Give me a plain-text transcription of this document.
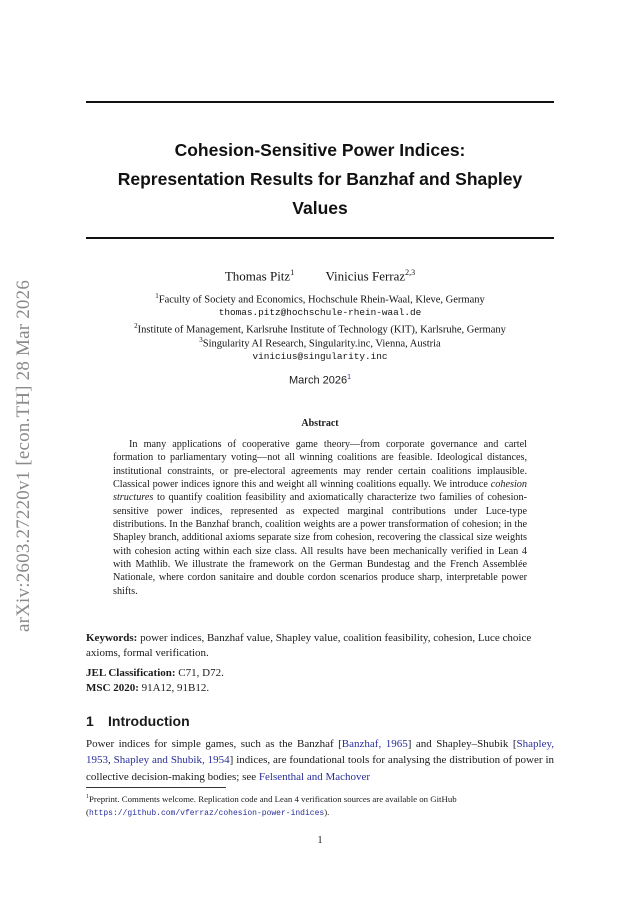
arXiv:2603.27220v1 [econ.TH] 28 Mar 2026
Cohesion-Sensitive Power Indices:
Representation Results for Banzhaf and Shapley
Values
Thomas Pitz$^1$ Vinicius Ferraz$^{2,3}$
$^1$Faculty of Society and Economics, Hochschule Rhein-Waal, Kleve, Germany
thomas.pitz@hochschule-rhein-waal.de
$^2$Institute of Management, Karlsruhe Institute of Technology (KIT), Karlsruhe, Germany
$^3$Singularity AI Research, Singularity.inc, Vienna, Austria
vinicius@singularity.inc
March 2026$^1$
Abstract
In many applications of cooperative game theory—from corporate governance and cartel formation to parliamentary voting—not all winning coalitions are feasible. Ideological distances, institutional constraints, or pre-electoral agreements may render certain coalitions implausible. Classical power indices ignore this and weight all winning coalitions equally. We introduce cohesion structures to quantify coalition feasibility and axiomatically characterize two families of cohesion-sensitive power indices, represented as expected marginal contributions under Luce-type distributions. In the Banzhaf branch, coalition weights are a power transformation of cohesion; in the Shapley branch, additional axioms separate size from cohesion, recovering the classical size weights with cohesion acting within each size class. All results have been mechanically verified in Lean 4 with Mathlib. We illustrate the framework on the German Bundestag and the French Assemblée Nationale, where cordon sanitaire and double cordon scenarios produce sharp, interpretable power shifts.
Keywords: power indices, Banzhaf value, Shapley value, coalition feasibility, cohesion, Luce choice axioms, formal verification.
JEL Classification: C71, D72.
MSC 2020: 91A12, 91B12.
1 Introduction
Power indices for simple games, such as the Banzhaf [Banzhaf, 1965] and Shapley–Shubik [Shapley, 1953, Shapley and Shubik, 1954] indices, are foundational tools for analysing the distribution of power in collective decision-making bodies; see Felsenthal and Machover
$^1$Preprint. Comments welcome. Replication code and Lean 4 verification sources are available on GitHub (https://github.com/vferraz/cohesion-power-indices).
1
